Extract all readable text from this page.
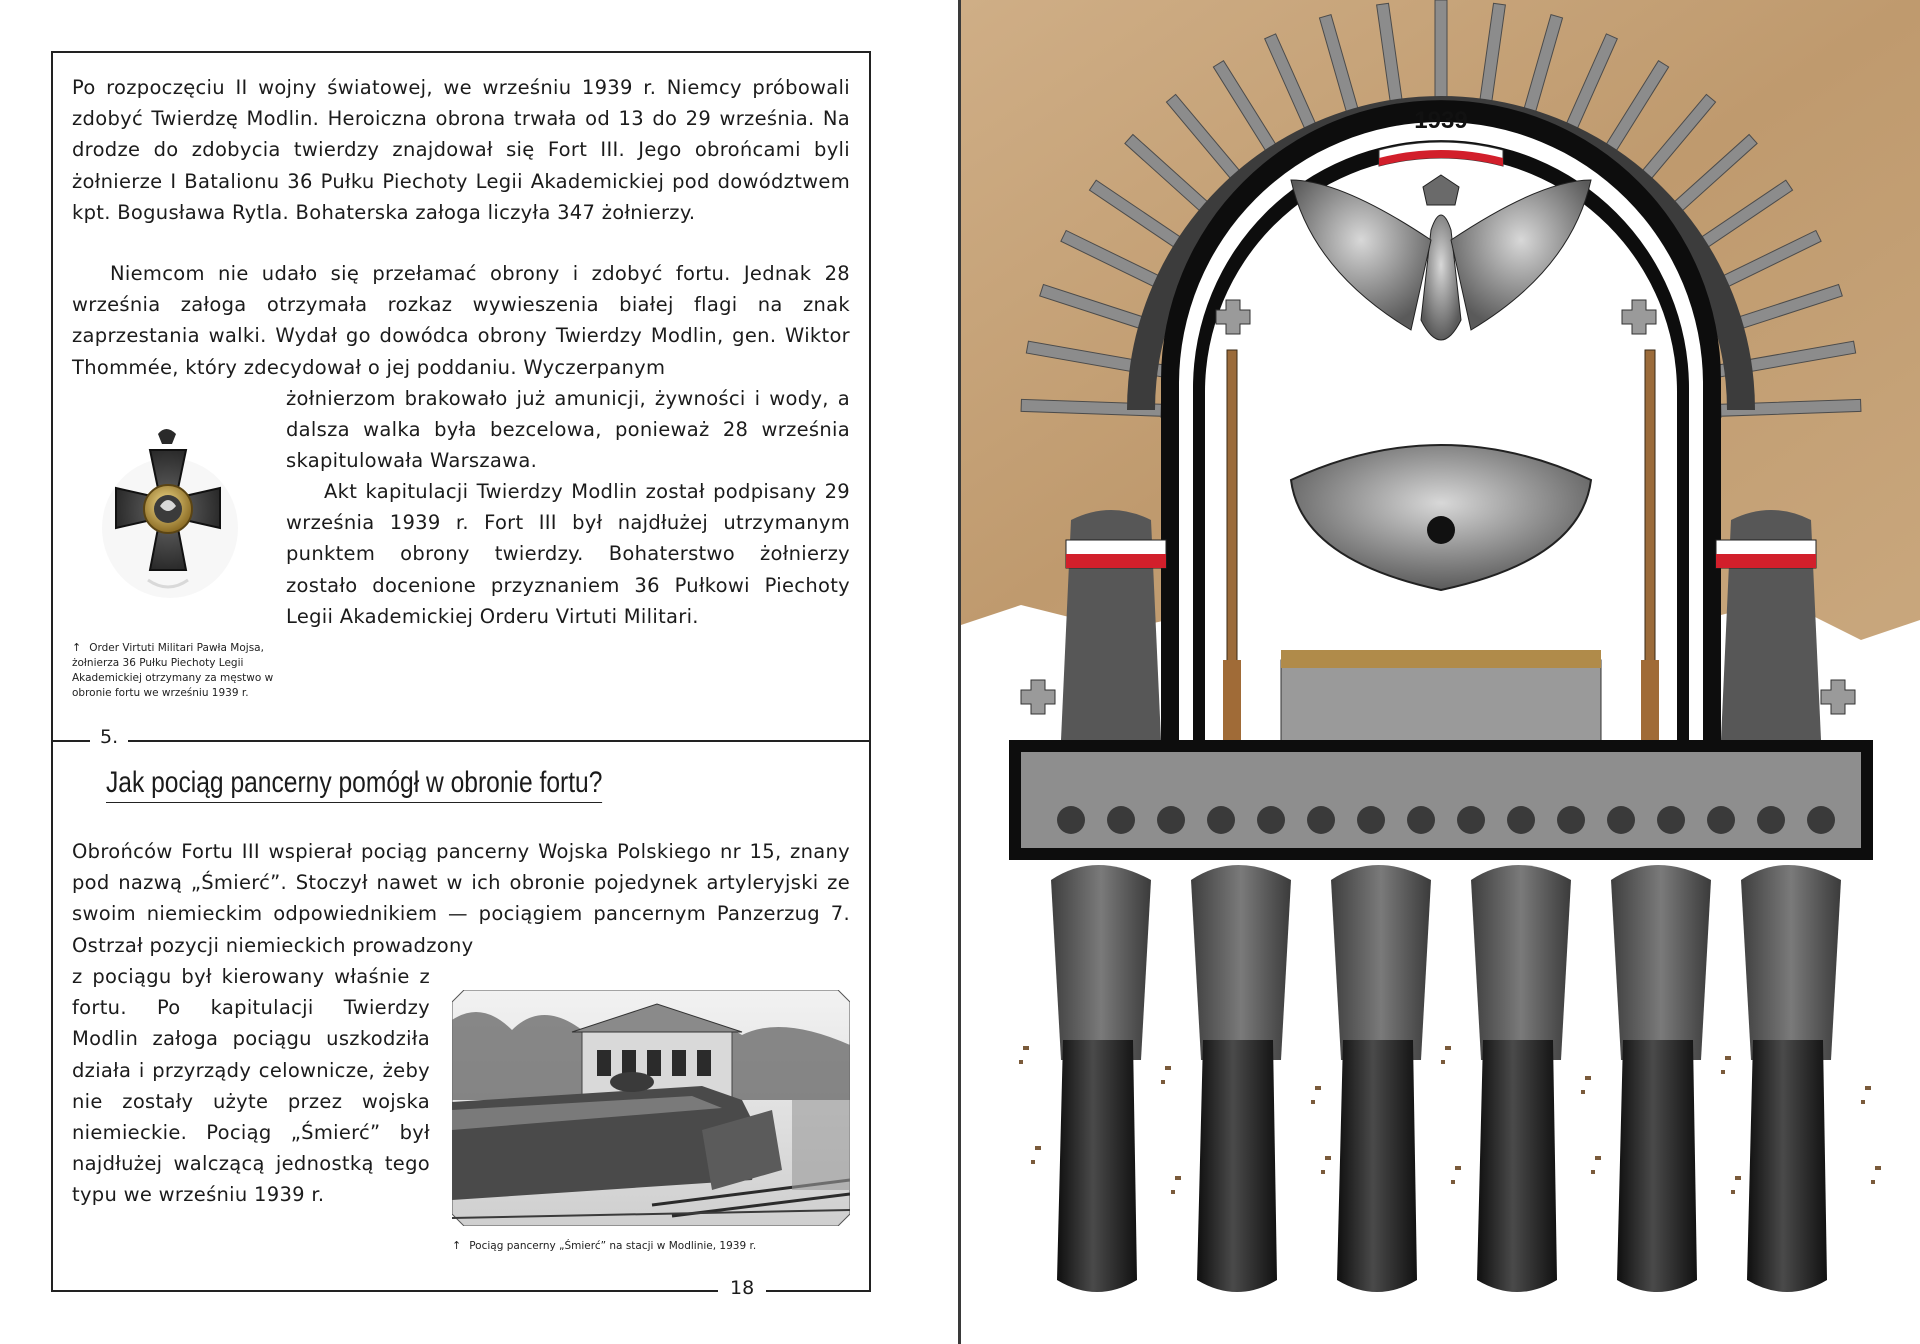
Po rozpoczęciu II wojny światowej, we wrześniu 1939 r. Niemcy próbowali zdobyć Twierdzę Modlin. Heroiczna obrona trwała od 13 do 29 września. Na drodze do zdobycia twierdzy znajdował się Fort III. Jego obrońcami byli żołnierze I Batalionu 36 Pułku Piechoty Legii Akademickiej pod dowództwem kpt. Bogusława Rytla. Bohaterska załoga liczyła 347 żołnierzy.

Niemcom nie udało się przełamać obrony i zdobyć fortu. Jednak 28 września załoga otrzymała rozkaz wywieszenia białej flagi na znak zaprzestania walki. Wydał go dowódca obrony Twierdzy Modlin, gen. Wiktor Thommée, który zdecydował o jej poddaniu. Wyczerpanym

żołnierzom brakowało już amunicji, żywności i wody, a dalsza walka była bezcelowa, ponieważ 28 września skapitulowała Warszawa.

Akt kapitulacji Twierdzy Modlin został podpisany 29 września 1939 r. Fort III był najdłużej utrzymanym punktem obrony twierdzy. Bohaterstwo żołnierzy zostało docenione przyznaniem 36 Pułkowi Piechoty Legii Akademickiej Orderu Virtuti Militari.

↑ Order Virtuti Militari Pawła Mojsa, żołnierza 36 Pułku Piechoty Legii Akademickiej otrzymany za męstwo w obronie fortu we wrześniu 1939 r.
5.
Jak pociąg pancerny pomógł w obronie fortu?

Obrońców Fortu III wspierał pociąg pancerny Wojska Polskiego nr 15, znany pod nazwą „Śmierć”. Stoczył nawet w ich obronie pojedynek artyleryjski ze swoim niemieckim odpowiednikiem — pociągiem pancernym Panzerzug 7. Ostrzał pozycji niemieckich prowadzony

z pociągu był kierowany właśnie z fortu. Po kapitulacji Twierdzy Modlin załoga pociągu uszkodziła działa i przyrządy celownicze, żeby nie zostały użyte przez wojska niemieckie. Pociąg „Śmierć” był najdłużej walczącą jednostką tego typu we wrześniu 1939 r.

↑ Pociąg pancerny „Śmierć” na stacji w Modlinie, 1939 r.
18
1939
